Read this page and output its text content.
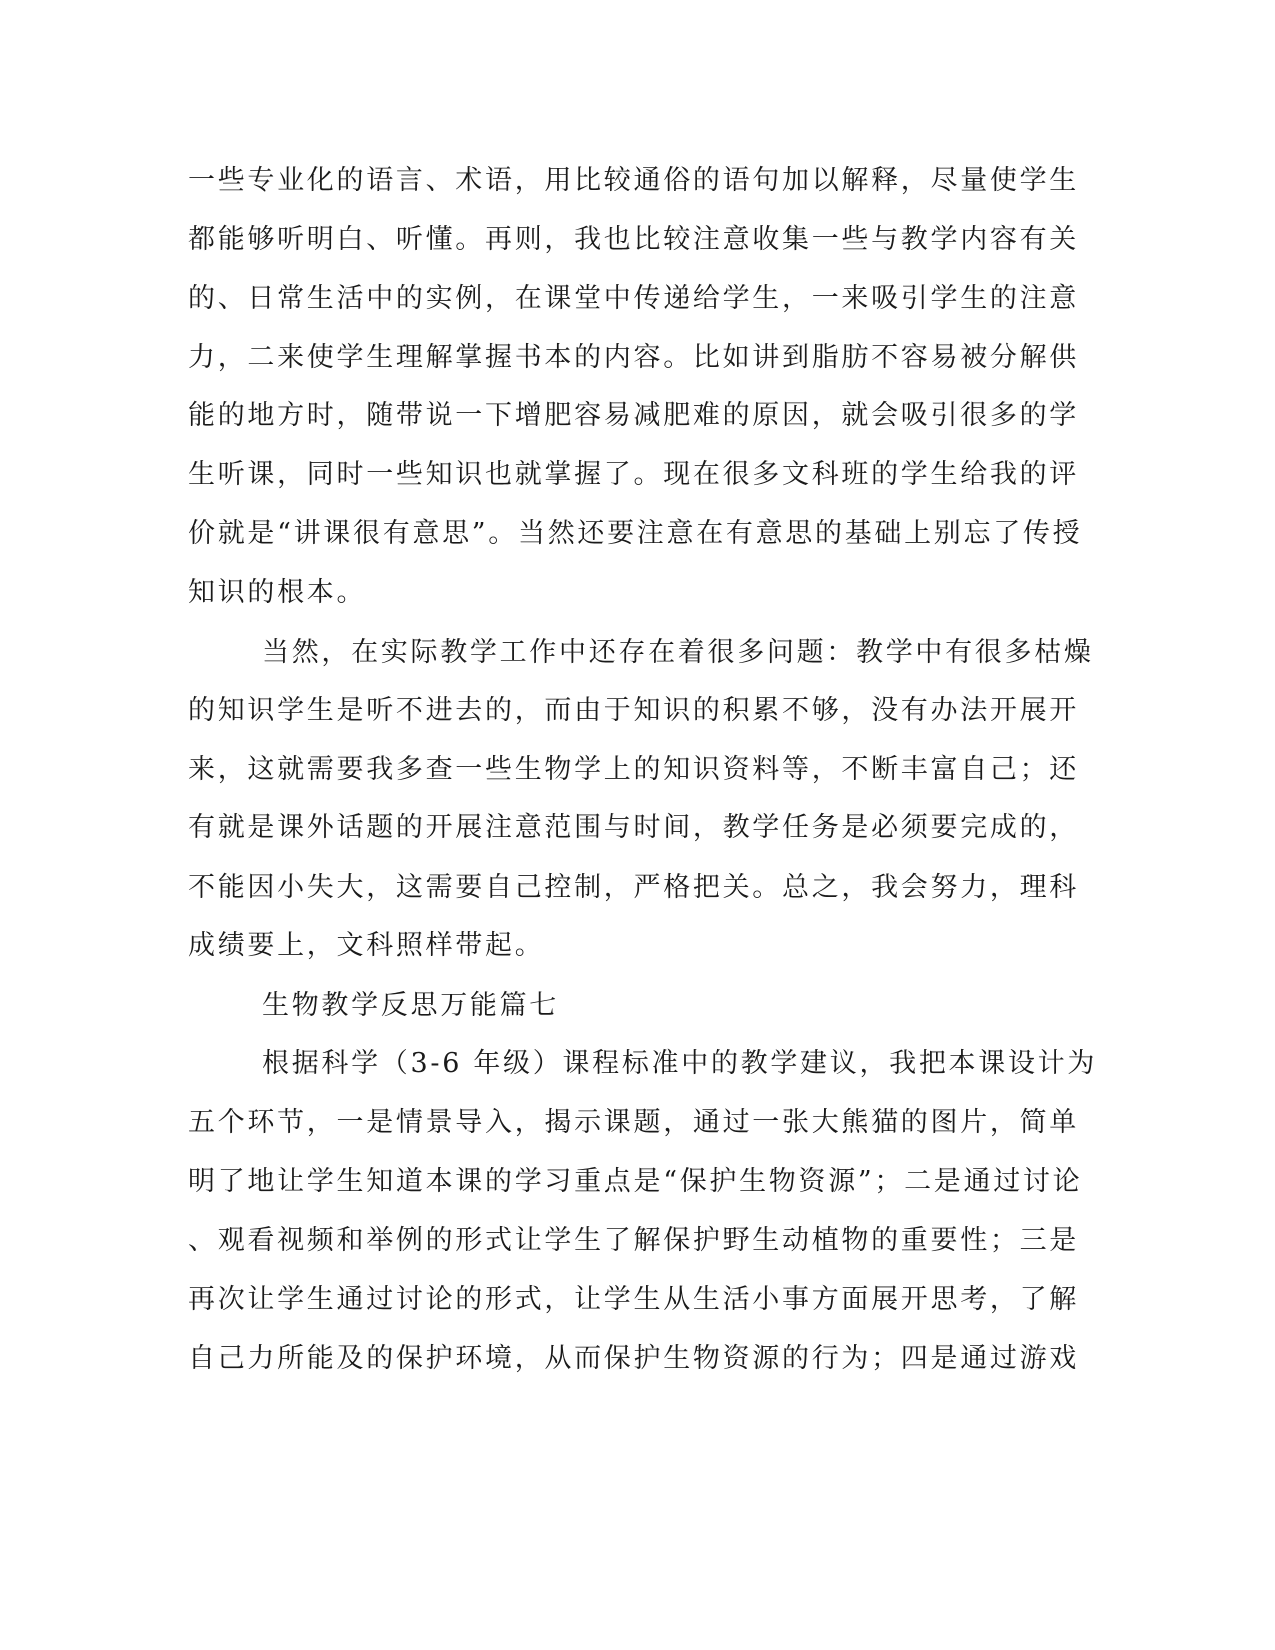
一些专业化的语言、术语，用比较通俗的语句加以解释，尽量使学生

都能够听明白、听懂。再则，我也比较注意收集一些与教学内容有关

的、日常生活中的实例，在课堂中传递给学生，一来吸引学生的注意

力，二来使学生理解掌握书本的内容。比如讲到脂肪不容易被分解供

能的地方时，随带说一下增肥容易减肥难的原因，就会吸引很多的学

生听课，同时一些知识也就掌握了。现在很多文科班的学生给我的评

价就是“讲课很有意思”。当然还要注意在有意思的基础上别忘了传授

知识的根本。

当然，在实际教学工作中还存在着很多问题：教学中有很多枯燥

的知识学生是听不进去的，而由于知识的积累不够，没有办法开展开

来，这就需要我多查一些生物学上的知识资料等，不断丰富自己；还

有就是课外话题的开展注意范围与时间，教学任务是必须要完成的，

不能因小失大，这需要自己控制，严格把关。总之，我会努力，理科

成绩要上，文科照样带起。

生物教学反思万能篇七

根据科学（3-6 年级）课程标准中的教学建议，我把本课设计为

五个环节，一是情景导入，揭示课题，通过一张大熊猫的图片，简单

明了地让学生知道本课的学习重点是“保护生物资源”；二是通过讨论

、观看视频和举例的形式让学生了解保护野生动植物的重要性；三是

再次让学生通过讨论的形式，让学生从生活小事方面展开思考，了解

自己力所能及的保护环境，从而保护生物资源的行为；四是通过游戏
